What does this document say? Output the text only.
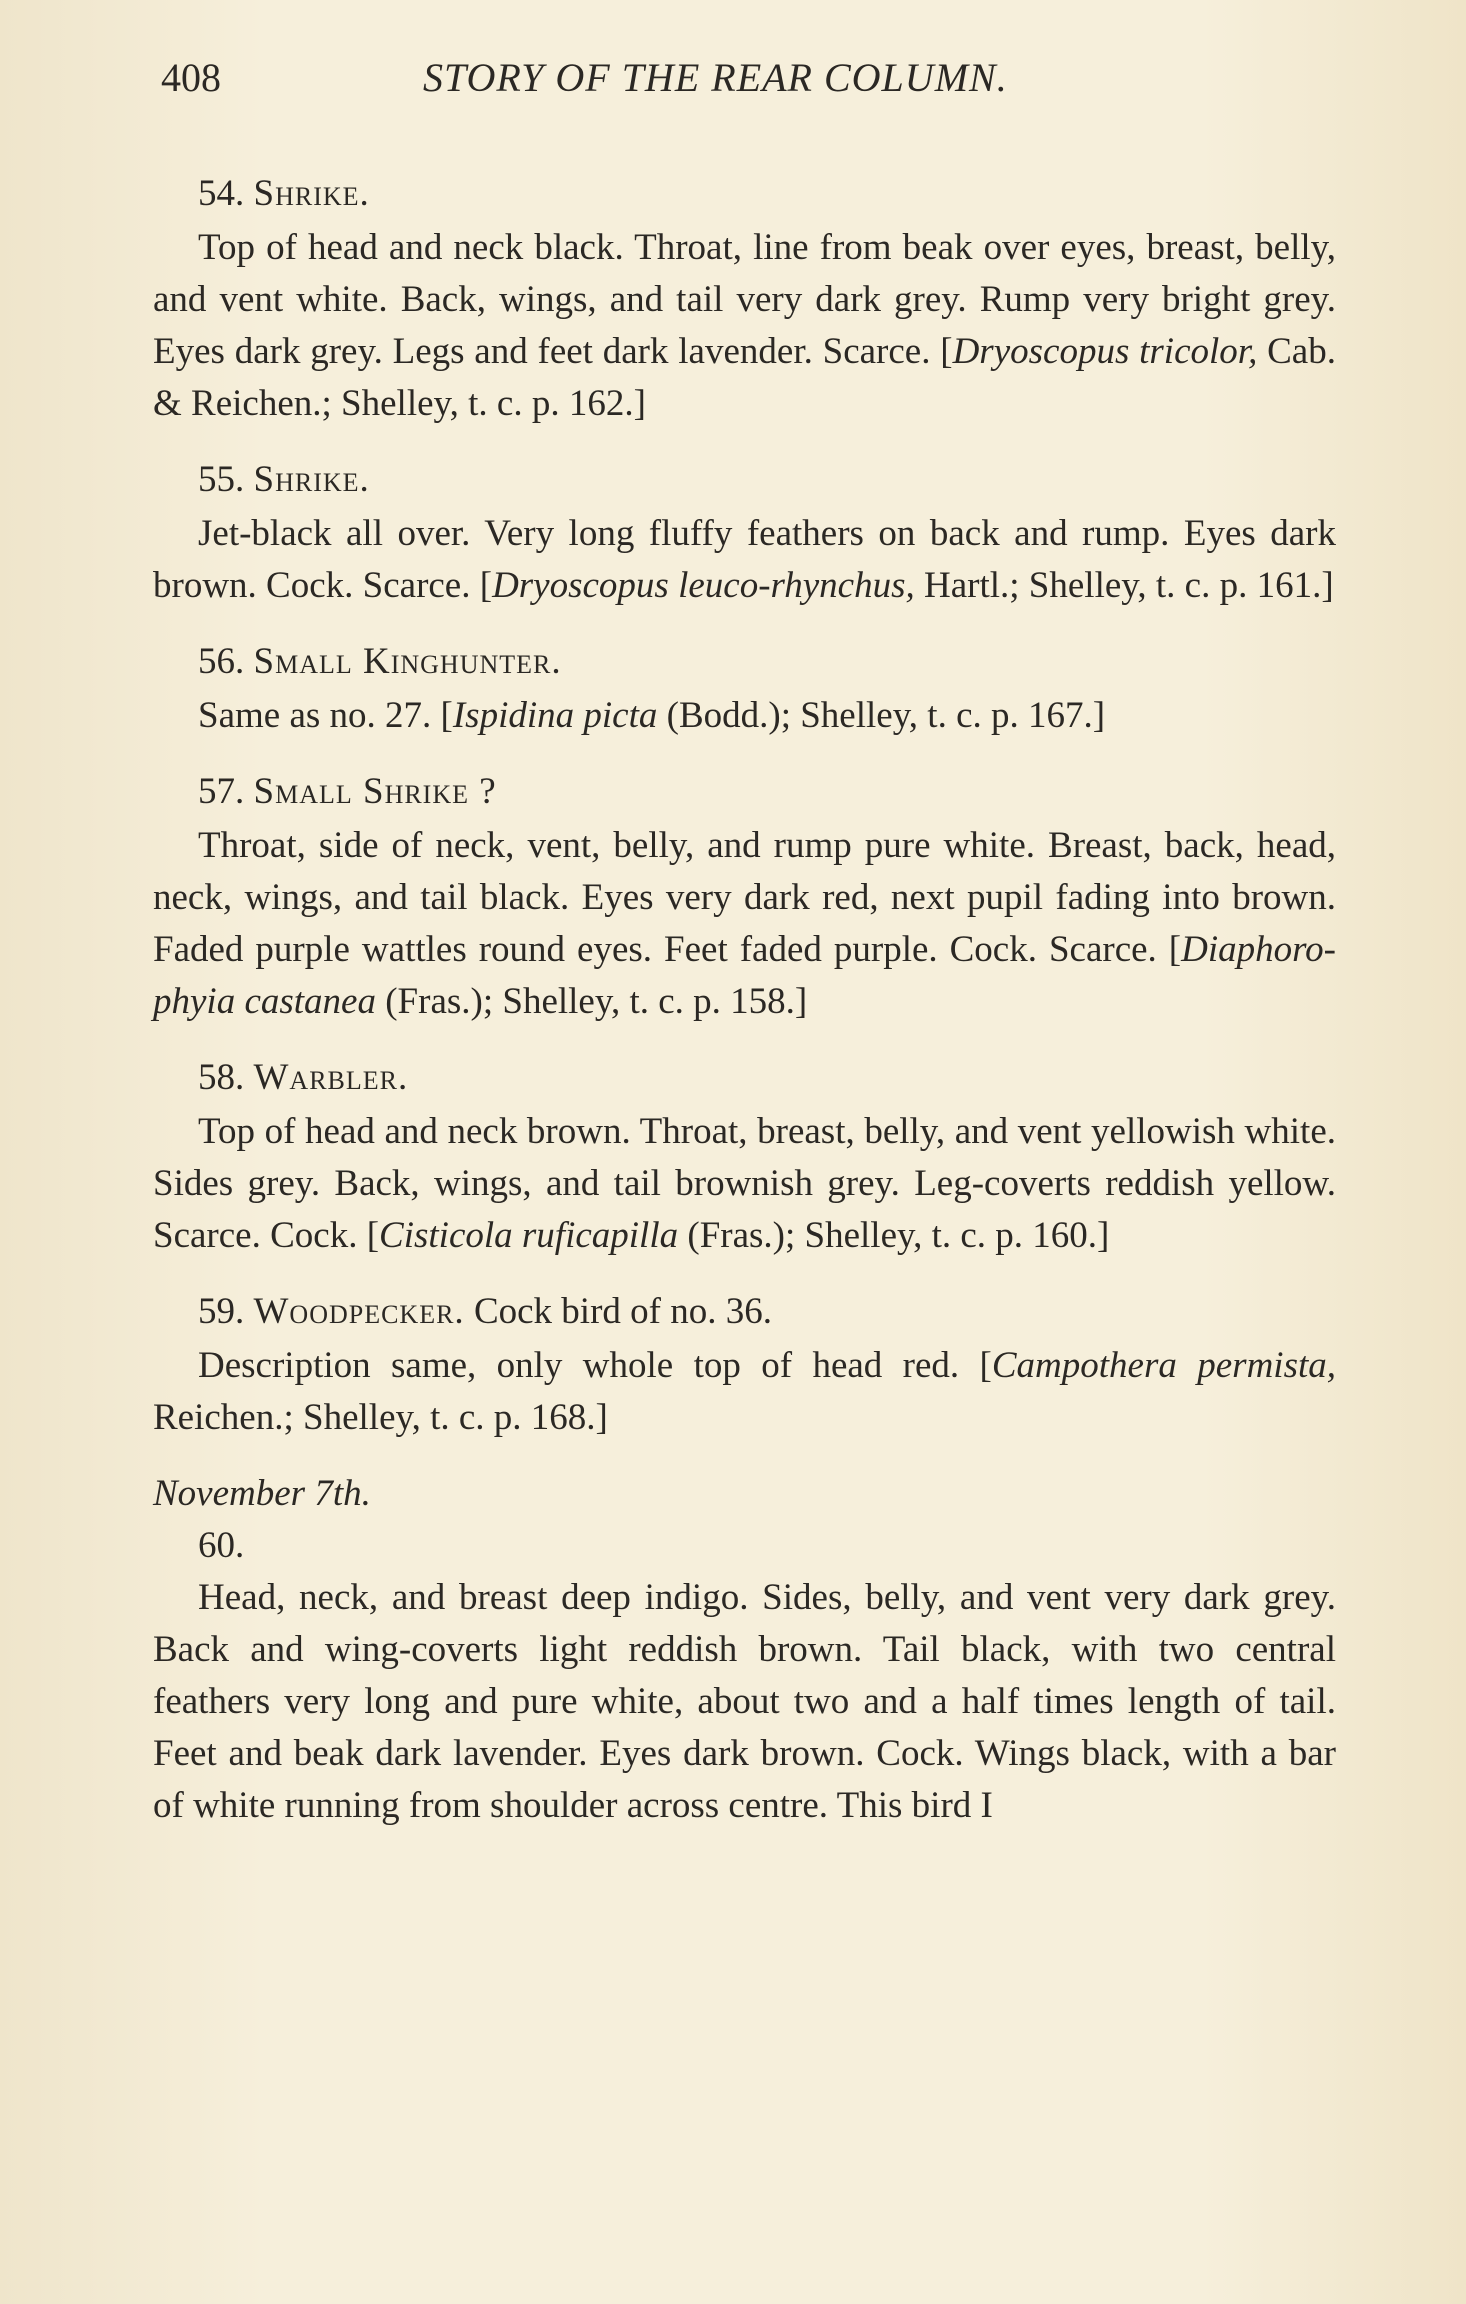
408	STORY OF THE REAR COLUMN.
54. Shrike.

Top of head and neck black. Throat, line from beak over eyes, breast, belly, and vent white. Back, wings, and tail very dark grey. Rump very bright grey. Eyes dark grey. Legs and feet dark lavender. Scarce. [Dryoscopus tricolor, Cab. & Reichen.; Shelley, t. c. p. 162.]

55. Shrike.

Jet-black all over. Very long fluffy feathers on back and rump. Eyes dark brown. Cock. Scarce. [Dryoscopus leuco-rhynchus, Hartl.; Shelley, t. c. p. 161.]

56. Small Kinghunter.

Same as no. 27. [Ispidina picta (Bodd.); Shelley, t. c. p. 167.]

57. Small Shrike ?

Throat, side of neck, vent, belly, and rump pure white. Breast, back, head, neck, wings, and tail black. Eyes very dark red, next pupil fading into brown. Faded purple wattles round eyes. Feet faded purple. Cock. Scarce. [Diaphoro-phyia castanea (Fras.); Shelley, t. c. p. 158.]

58. Warbler.

Top of head and neck brown. Throat, breast, belly, and vent yellowish white. Sides grey. Back, wings, and tail brownish grey. Leg-coverts reddish yellow. Scarce. Cock. [Cisticola ruficapilla (Fras.); Shelley, t. c. p. 160.]

59. Woodpecker. Cock bird of no. 36.

Description same, only whole top of head red. [Campothera permista, Reichen.; Shelley, t. c. p. 168.]

November 7th.
60.

Head, neck, and breast deep indigo. Sides, belly, and vent very dark grey. Back and wing-coverts light reddish brown. Tail black, with two central feathers very long and pure white, about two and a half times length of tail. Feet and beak dark lavender. Eyes dark brown. Cock. Wings black, with a bar of white running from shoulder across centre. This bird I
